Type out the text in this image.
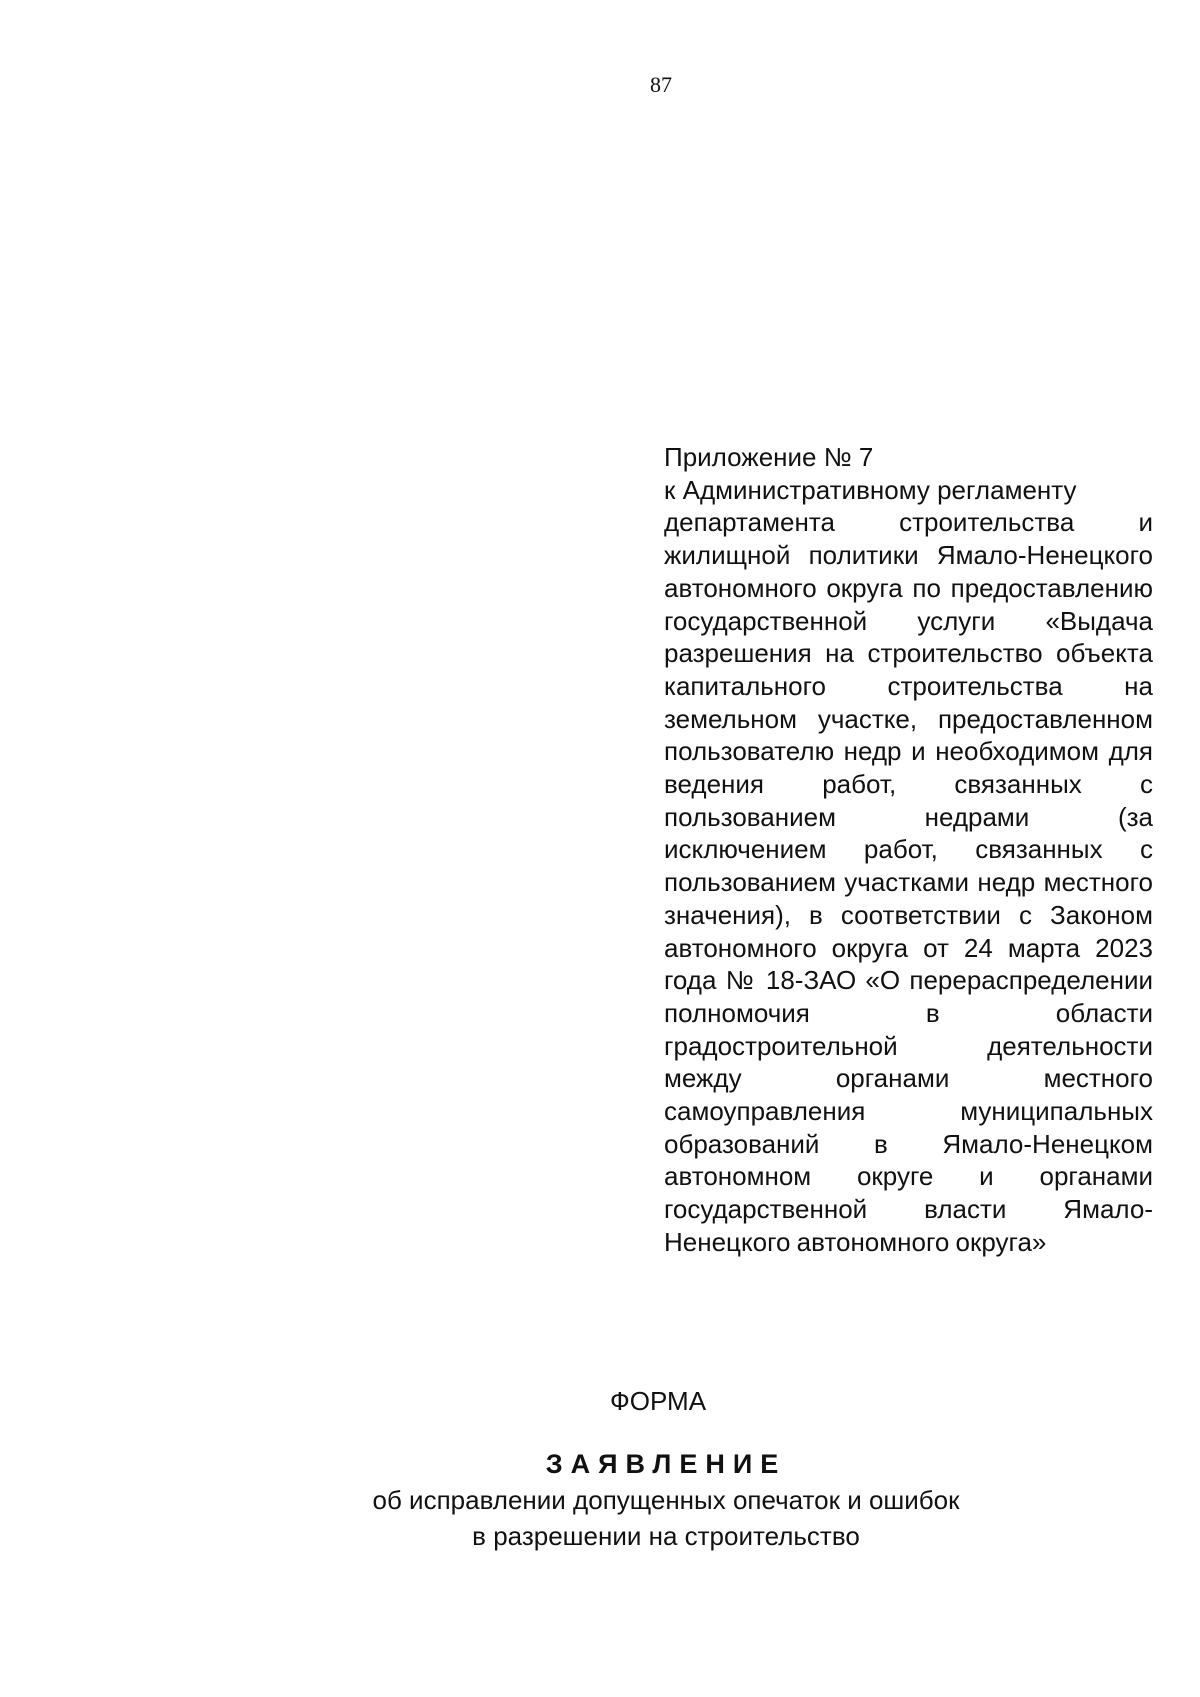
87
Приложение № 7
к Административному регламенту
департамента строительства и жилищной политики Ямало-Ненецкого автономного округа по предоставлению государственной услуги «Выдача разрешения на строительство объекта капитального строительства на земельном участке, предоставленном пользователю недр и необходимом для ведения работ, связанных с пользованием недрами (за исключением работ, связанных с пользованием участками недр местного значения), в соответствии с Законом автономного округа от 24 марта 2023 года № 18-ЗАО «О перераспределении полномочия в области градостроительной деятельности между органами местного самоуправления муниципальных образований в Ямало-Ненецком автономном округе и органами государственной власти Ямало-Ненецкого автономного округа»
ФОРМА
ЗАЯВЛЕНИЕ
об исправлении допущенных опечаток и ошибок
в разрешении на строительство
